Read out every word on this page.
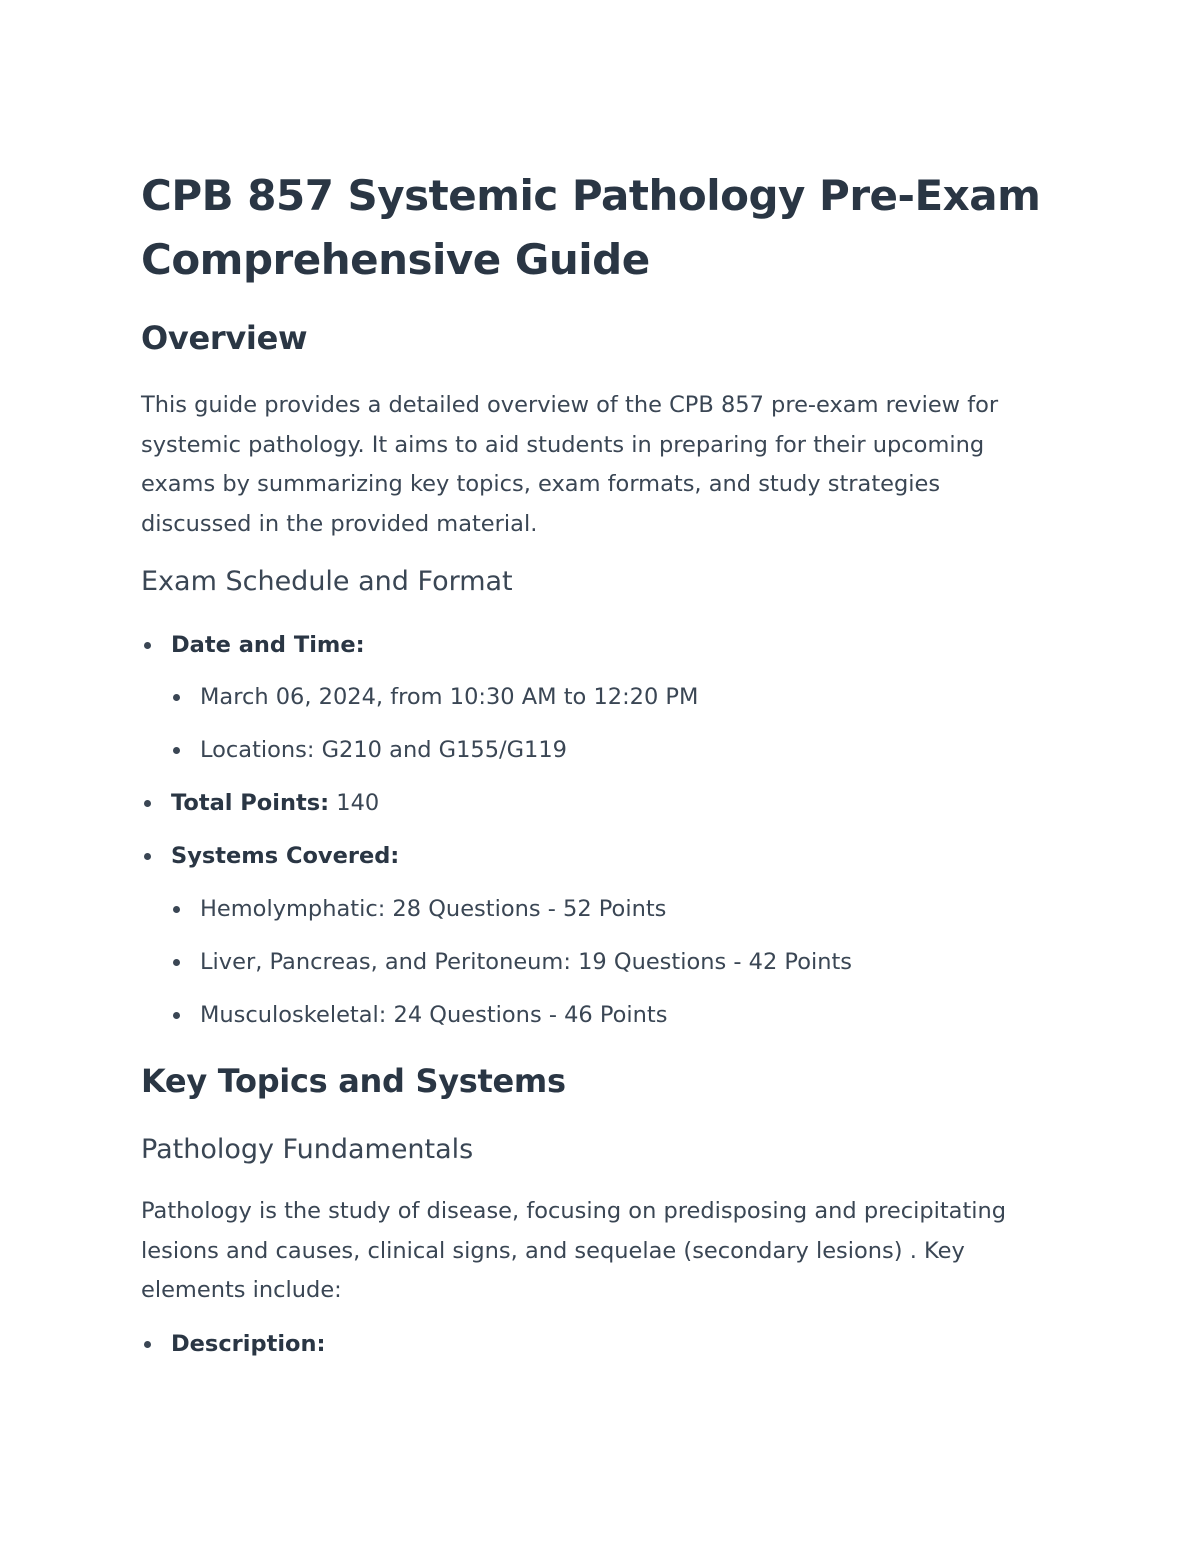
CPB 857 Systemic Pathology Pre-Exam Comprehensive Guide
Overview

This guide provides a detailed overview of the CPB 857 pre-exam review for systemic pathology. It aims to aid students in preparing for their upcoming exams by summarizing key topics, exam formats, and study strategies discussed in the provided material.

Exam Schedule and Format
Date and Time:
March 06, 2024, from 10:30 AM to 12:20 PM
Locations: G210 and G155/G119
Total Points: 140
Systems Covered:
Hemolymphatic: 28 Questions - 52 Points
Liver, Pancreas, and Peritoneum: 19 Questions - 42 Points
Musculoskeletal: 24 Questions - 46 Points
Key Topics and Systems
Pathology Fundamentals

Pathology is the study of disease, focusing on predisposing and precipitating lesions and causes, clinical signs, and sequelae (secondary lesions) . Key elements include:

Description:
